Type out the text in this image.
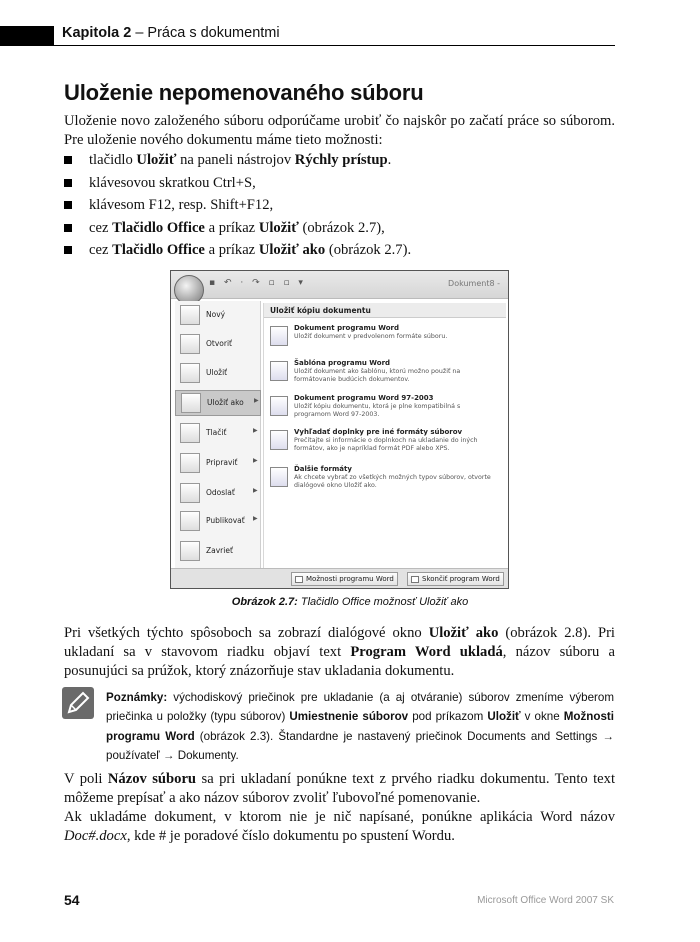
Kapitola 2 – Práca s dokumentmi
Uloženie nepomenovaného súboru

Uloženie novo založeného súboru odporúčame urobiť čo najskôr po začatí práce so súborom. Pre uloženie nového dokumentu máme tieto možnosti:

tlačidlo Uložiť na paneli nástrojov Rýchly prístup.
klávesovou skratkou Ctrl+S,
klávesom F12, resp. Shift+F12,
cez Tlačidlo Office a príkaz Uložiť (obrázok 2.7),
cez Tlačidlo Office a príkaz Uložiť ako (obrázok 2.7).
▪ ↶ · ↷ ▫ ▫ ▾	Dokument8 -
Nový
Otvoriť
Uložiť
Uložiť ako ▶
Tlačiť	▶
Pripraviť	▶
Odoslať	▶
Publikovať ▶
Zavrieť
Uložiť kópiu dokumentu
Dokument programu Word
Uložiť dokument v predvolenom formáte súboru.
Šablóna programu Word
Uložiť dokument ako šablónu, ktorú možno použiť na formátovanie budúcich dokumentov.
Dokument programu Word 97-2003
Uložiť kópiu dokumentu, ktorá je plne kompatibilná s programom Word 97-2003.
Vyhľadať doplnky pre iné formáty súborov
Prečítajte si informácie o doplnkoch na ukladanie do iných formátov, ako je napríklad formát PDF alebo XPS.
Ďalšie formáty
Ak chcete vybrať zo všetkých možných typov súborov, otvorte dialógové okno Uložiť ako.
Možnosti programu Word	Skončiť program Word
Obrázok 2.7: Tlačidlo Office možnosť Uložiť ako

Pri všetkých týchto spôsoboch sa zobrazí dialógové okno Uložiť ako (obrázok 2.8). Pri ukladaní sa v stavovom riadku objaví text Program Word ukladá, názov súboru a posunujúci sa prúžok, ktorý znázorňuje stav ukladania dokumentu.

Poznámky: východiskový priečinok pre ukladanie (a aj otváranie) súborov zmeníme výberom priečinka u položky (typu súborov) Umiestnenie súborov pod príkazom Uložiť v okne Možnosti programu Word (obrázok 2.3). Štandardne je nastavený priečinok Documents and Settings → používateľ → Dokumenty.

V poli Názov súboru sa pri ukladaní ponúkne text z prvého riadku dokumentu. Tento text môžeme prepísať a ako názov súborov zvoliť ľubovoľné pomenovanie.

Ak ukladáme dokument, v ktorom nie je nič napísané, ponúkne aplikácia Word názov Doc#.docx, kde # je poradové číslo dokumentu po spustení Wordu.

54	Microsoft Office Word 2007 SK
